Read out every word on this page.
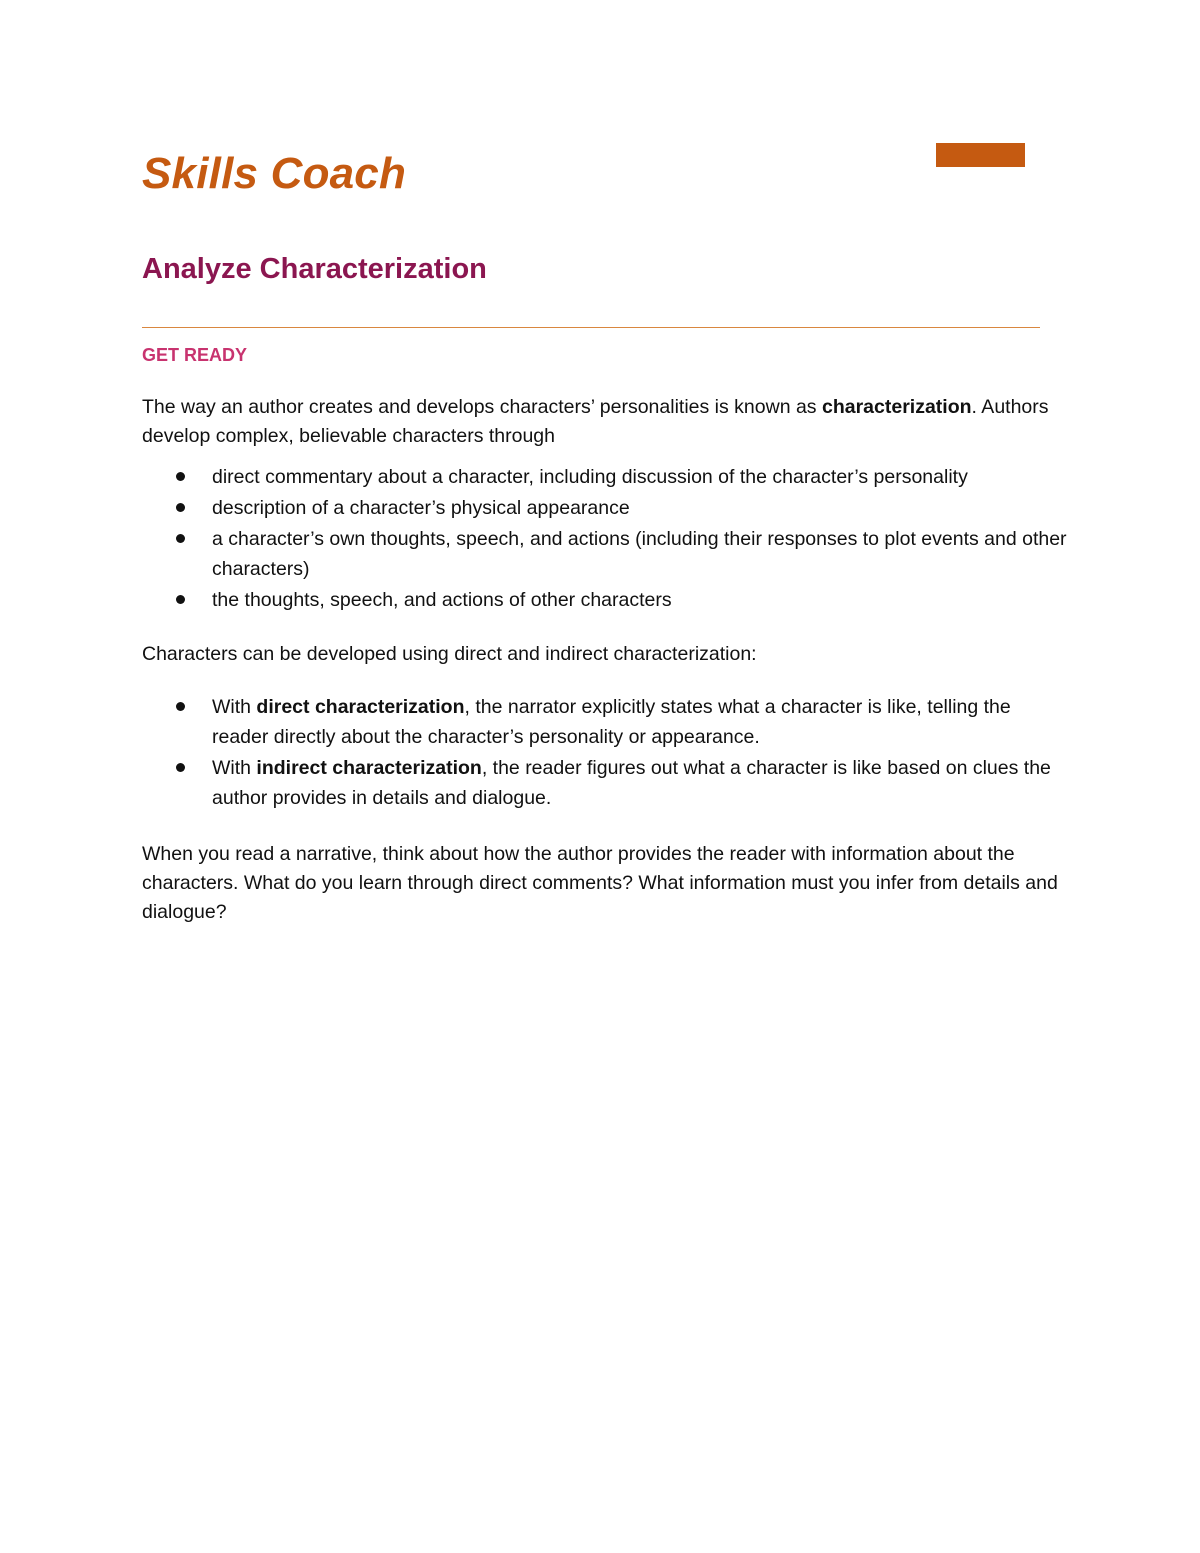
Skills Coach
Analyze Characterization
GET READY

The way an author creates and develops characters’ personalities is known as characterization. Authors develop complex, believable characters through

direct commentary about a character, including discussion of the character’s personality
description of a character’s physical appearance
a character’s own thoughts, speech, and actions (including their responses to plot events and other characters)
the thoughts, speech, and actions of other characters

Characters can be developed using direct and indirect characterization:

With direct characterization, the narrator explicitly states what a character is like, telling the reader directly about the character’s personality or appearance.
With indirect characterization, the reader figures out what a character is like based on clues the author provides in details and dialogue.

When you read a narrative, think about how the author provides the reader with information about the characters. What do you learn through direct comments? What information must you infer from details and dialogue?
